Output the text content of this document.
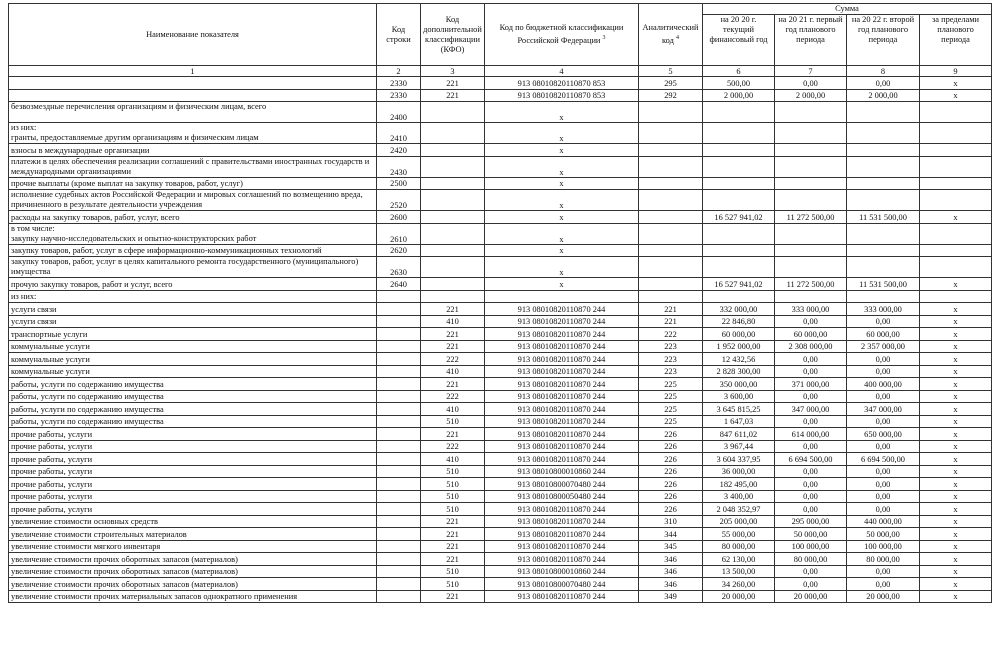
Наименование показателя	Код строки	Код дополнительной классификации (КФО)	Код по бюджетной классификации Российской Федерации $^3$	Аналитический код $^4$	Сумма			
					на 20 20 г. текущий финансовый год	на 20 21 г. первый год планового периода	на 20 22 г. второй год планового периода	за пределами планового периода
1	2	3	4	5	6	7	8	9
	2330	221	913 08010820110870 853	295	500,00	0,00	0,00	x
	2330	221	913 08010820110870 853	292	2 000,00	2 000,00	2 000,00	x
безвозмездные перечисления организациям и физическим лицам, всего	2400		x					
из них:
гранты, предоставляемые другим организациям и физическим лицам	2410		x					
взносы в международные организации	2420		x					
платежи в целях обеспечения реализации соглашений с правительствами иностранных государств и международными организациями	2430		x					
прочие выплаты (кроме выплат на закупку товаров, работ, услуг)	2500		x					
исполнение судебных актов Российской Федерации и мировых соглашений по возмещению вреда, причиненного в результате деятельности учреждения	2520		x					
расходы на закупку товаров, работ, услуг, всего	2600		x		16 527 941,02	11 272 500,00	11 531 500,00	x
в том числе:
закупку научно-исследовательских и опытно-конструкторских работ	2610		x					
закупку товаров, работ, услуг в сфере информационно-коммуникационных технологий	2620		x					
закупку товаров, работ, услуг в целях капитального ремонта государственного (муниципального) имущества	2630		x					
прочую закупку товаров, работ и услуг, всего	2640		x		16 527 941,02	11 272 500,00	11 531 500,00	x
из них:								
услуги связи		221	913 08010820110870 244	221	332 000,00	333 000,00	333 000,00	x
услуги связи		410	913 08010820110870 244	221	22 846,80	0,00	0,00	x
транспортные услуги		221	913 08010820110870 244	222	60 000,00	60 000,00	60 000,00	x
коммунальные услуги		221	913 08010820110870 244	223	1 952 000,00	2 308 000,00	2 357 000,00	x
коммунальные услуги		222	913 08010820110870 244	223	12 432,56	0,00	0,00	x
коммунальные услуги		410	913 08010820110870 244	223	2 828 300,00	0,00	0,00	x
работы, услуги по содержанию имущества		221	913 08010820110870 244	225	350 000,00	371 000,00	400 000,00	x
работы, услуги по содержанию имущества		222	913 08010820110870 244	225	3 600,00	0,00	0,00	x
работы, услуги по содержанию имущества		410	913 08010820110870 244	225	3 645 815,25	347 000,00	347 000,00	x
работы, услуги по содержанию имущества		510	913 08010820110870 244	225	1 647,03	0,00	0,00	x
прочие работы, услуги		221	913 08010820110870 244	226	847 611,02	614 000,00	650 000,00	x
прочие работы, услуги		222	913 08010820110870 244	226	3 967,44	0,00	0,00	x
прочие работы, услуги		410	913 08010820110870 244	226	3 604 337,95	6 694 500,00	6 694 500,00	x
прочие работы, услуги		510	913 08010800010860 244	226	36 000,00	0,00	0,00	x
прочие работы, услуги		510	913 08010800070480 244	226	182 495,00	0,00	0,00	x
прочие работы, услуги		510	913 08010800050480 244	226	3 400,00	0,00	0,00	x
прочие работы, услуги		510	913 08010820110870 244	226	2 048 352,97	0,00	0,00	x
увеличение стоимости основных средств		221	913 08010820110870 244	310	205 000,00	295 000,00	440 000,00	x
увеличение стоимости строительных материалов		221	913 08010820110870 244	344	55 000,00	50 000,00	50 000,00	x
увеличение стоимости мягкого инвентаря		221	913 08010820110870 244	345	80 000,00	100 000,00	100 000,00	x
увеличение стоимости прочих оборотных запасов (материалов)		221	913 08010820110870 244	346	62 130,00	80 000,00	80 000,00	x
увеличение стоимости прочих оборотных запасов (материалов)		510	913 08010800010860 244	346	13 500,00	0,00	0,00	x
увеличение стоимости прочих оборотных запасов (материалов)		510	913 08010800070480 244	346	34 260,00	0,00	0,00	x
увеличение стоимости прочих материальных запасов однократного применения		221	913 08010820110870 244	349	20 000,00	20 000,00	20 000,00	x
